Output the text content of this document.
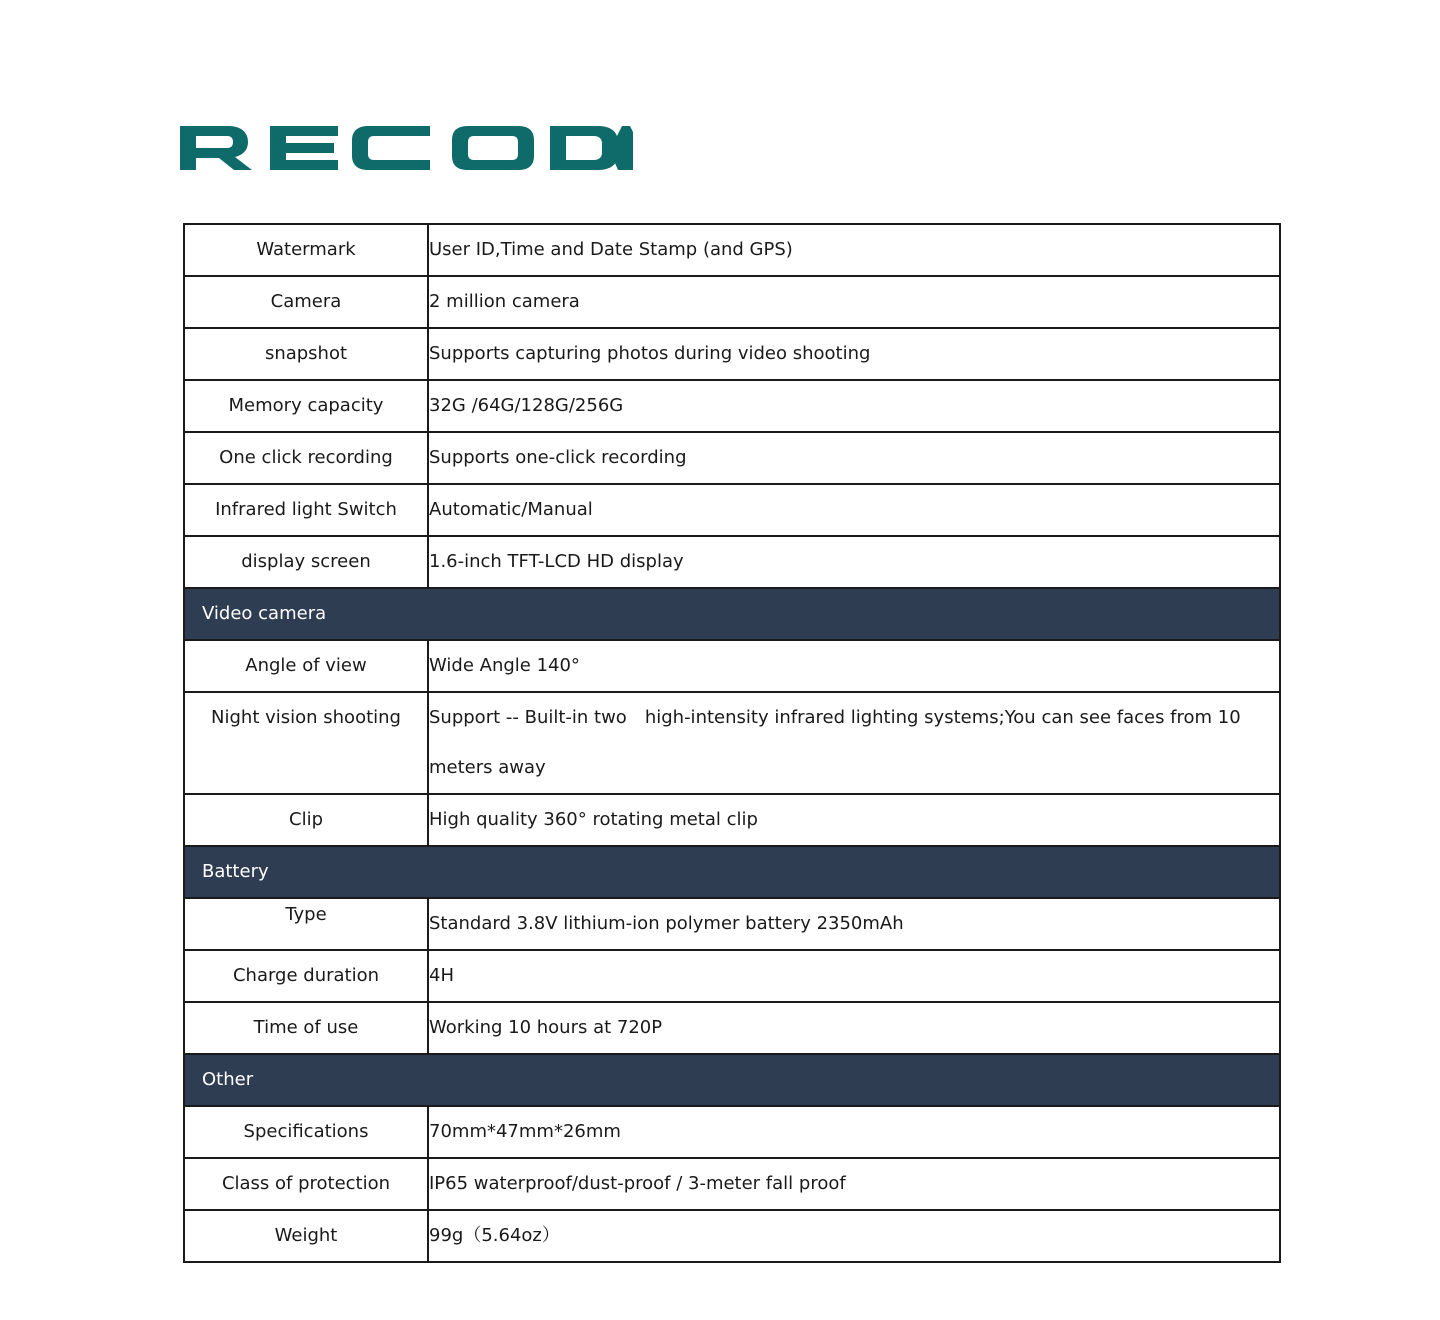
Watermark	User ID,Time and Date Stamp (and GPS)
Camera	2 million camera
snapshot	Supports capturing photos during video shooting
Memory capacity	32G /64G/128G/256G
One click recording	Supports one-click recording
Infrared light Switch	Automatic/Manual
display screen	1.6-inch TFT-LCD HD display
Video camera	
Angle of view	Wide Angle 140°
Night vision shooting	Support -- Built-in two　high-intensity infrared lighting systems;You can see faces from 10 meters away
Clip	High quality 360° rotating metal clip
Battery	
Type	Standard 3.8V lithium-ion polymer battery 2350mAh
Charge duration	4H
Time of use	Working 10 hours at 720P
Other	
Specifications	70mm*47mm*26mm
Class of protection	IP65 waterproof/dust-proof / 3-meter fall proof
Weight	99g（5.64oz）
